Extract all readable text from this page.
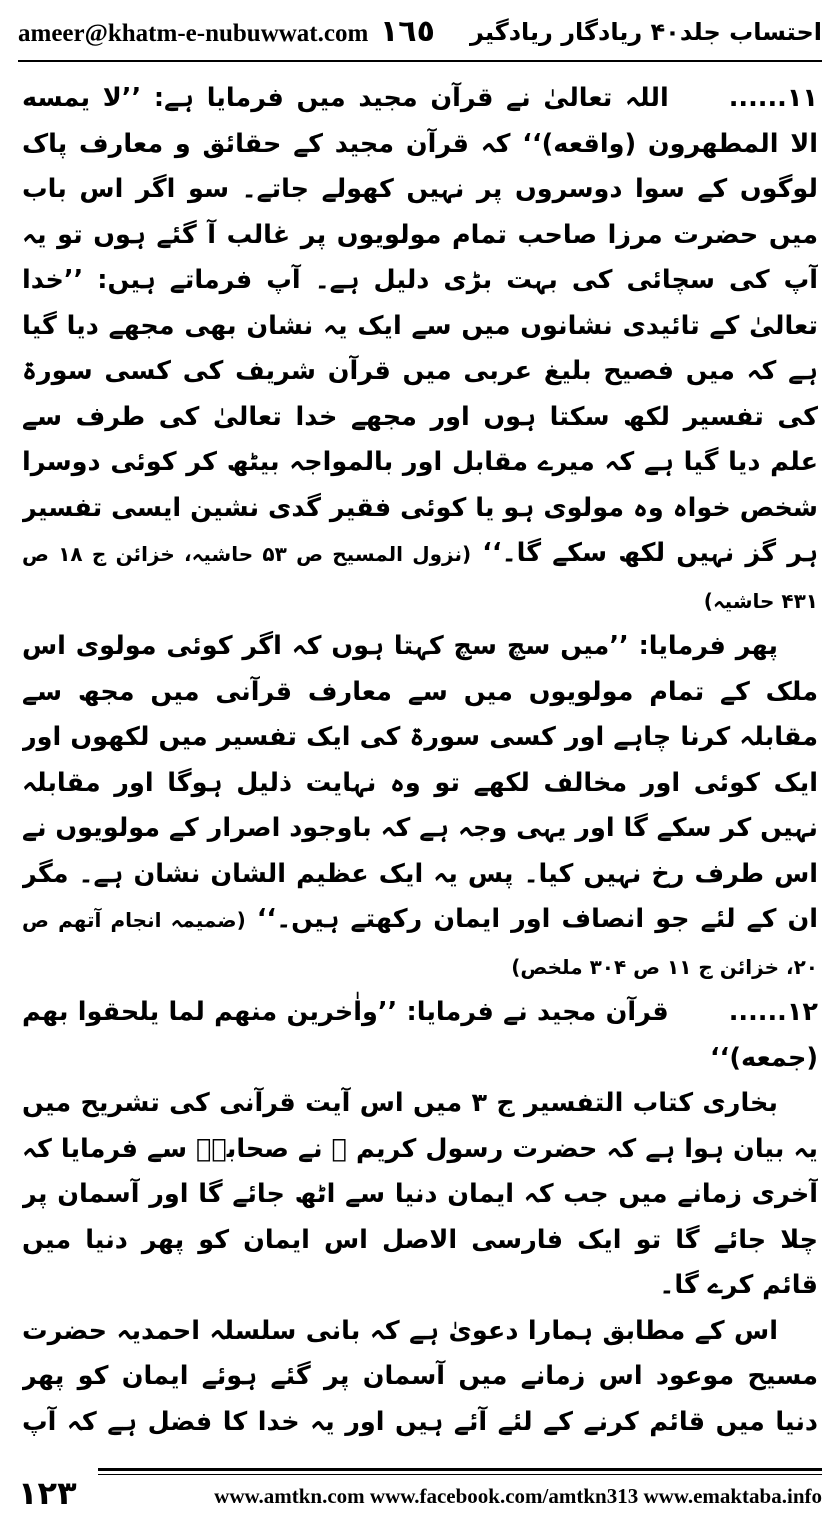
ameer@khatm-e-nubuwwat.com ١٦٥ احتساب جلد۴۰ ریادگار ریادگیر

۱۱......اللہ تعالیٰ نے قرآن مجید میں فرمایا ہے: ’’لا یمسه الا المطهرون (واقعه)‘‘ کہ قرآن مجید کے حقائق و معارف پاک لوگوں کے سوا دوسروں پر نہیں کھولے جاتے۔ سو اگر اس باب میں حضرت مرزا صاحب تمام مولویوں پر غالب آ گئے ہوں تو یہ آپ کی سچائی کی بہت بڑی دلیل ہے۔ آپ فرماتے ہیں: ’’خدا تعالیٰ کے تائیدی نشانوں میں سے ایک یہ نشان بھی مجھے دیا گیا ہے کہ میں فصیح بلیغ عربی میں قرآن شریف کی کسی سورۃ کی تفسیر لکھ سکتا ہوں اور مجھے خدا تعالیٰ کی طرف سے علم دیا گیا ہے کہ میرے مقابل اور بالمواجہ بیٹھ کر کوئی دوسرا شخص خواہ وہ مولوی ہو یا کوئی فقیر گدی نشین ایسی تفسیر ہر گز نہیں لکھ سکے گا۔‘‘ (نزول المسیح ص ۵۳ حاشیہ، خزائن ج ۱۸ ص ۴۳۱ حاشیہ)

پھر فرمایا: ’’میں سچ سچ کہتا ہوں کہ اگر کوئی مولوی اس ملک کے تمام مولویوں میں سے معارف قرآنی میں مجھ سے مقابلہ کرنا چاہے اور کسی سورۃ کی ایک تفسیر میں لکھوں اور ایک کوئی اور مخالف لکھے تو وہ نہایت ذلیل ہوگا اور مقابلہ نہیں کر سکے گا اور یہی وجہ ہے کہ باوجود اصرار کے مولویوں نے اس طرف رخ نہیں کیا۔ پس یہ ایک عظیم الشان نشان ہے۔ مگر ان کے لئے جو انصاف اور ایمان رکھتے ہیں۔‘‘ (ضمیمہ انجام آتھم ص ۲۰، خزائن ج ۱۱ ص ۳۰۴ ملخص)

۱۲......قرآن مجید نے فرمایا: ’’واٰخرین منهم لما یلحقوا بهم (جمعه)‘‘

بخاری کتاب التفسیر ج ۳ میں اس آیت قرآنی کی تشریح میں یہ بیان ہوا ہے کہ حضرت رسول کریم ﷺ نے صحابہؓ سے فرمایا کہ آخری زمانے میں جب کہ ایمان دنیا سے اٹھ جائے گا اور آسمان پر چلا جائے گا تو ایک فارسی الاصل اس ایمان کو پھر دنیا میں قائم کرے گا۔

اس کے مطابق ہمارا دعویٰ ہے کہ بانی سلسلہ احمدیہ حضرت مسیح موعود اس زمانے میں آسمان پر گئے ہوئے ایمان کو پھر دنیا میں قائم کرنے کے لئے آئے ہیں اور یہ خدا کا فضل ہے کہ آپ

۱۲۳	www.amtkn.com www.facebook.com/amtkn313 www.emaktaba.info
